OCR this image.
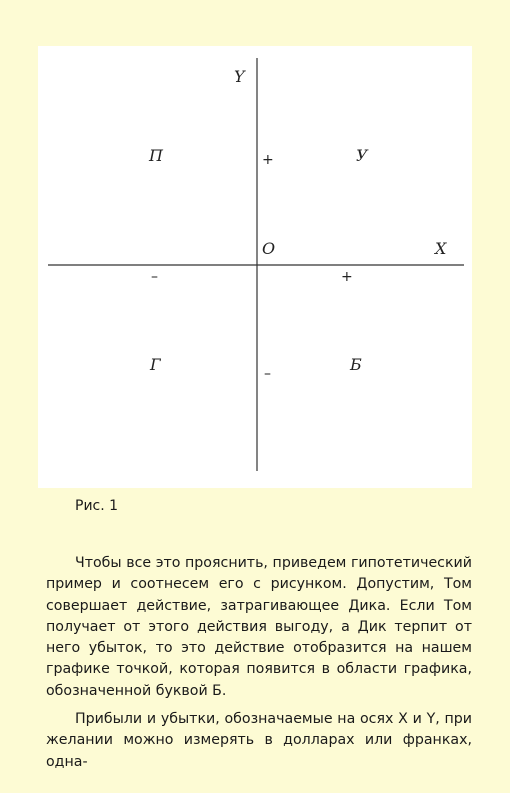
Y
X
O
П	У
Г	Б
+
–
+
–
Рис. 1

Чтобы все это прояснить, приведем гипотетический пример и соотнесем его с рисунком. Допустим, Том совершает действие, затрагивающее Дика. Если Том получает от этого действия выгоду, а Дик терпит от него убыток, то это действие отобразится на нашем графике точкой, которая появится в области графика, обозначенной буквой Б.

Прибыли и убытки, обозначаемые на осях X и Y, при желании можно измерять в долларах или франках, одна-
